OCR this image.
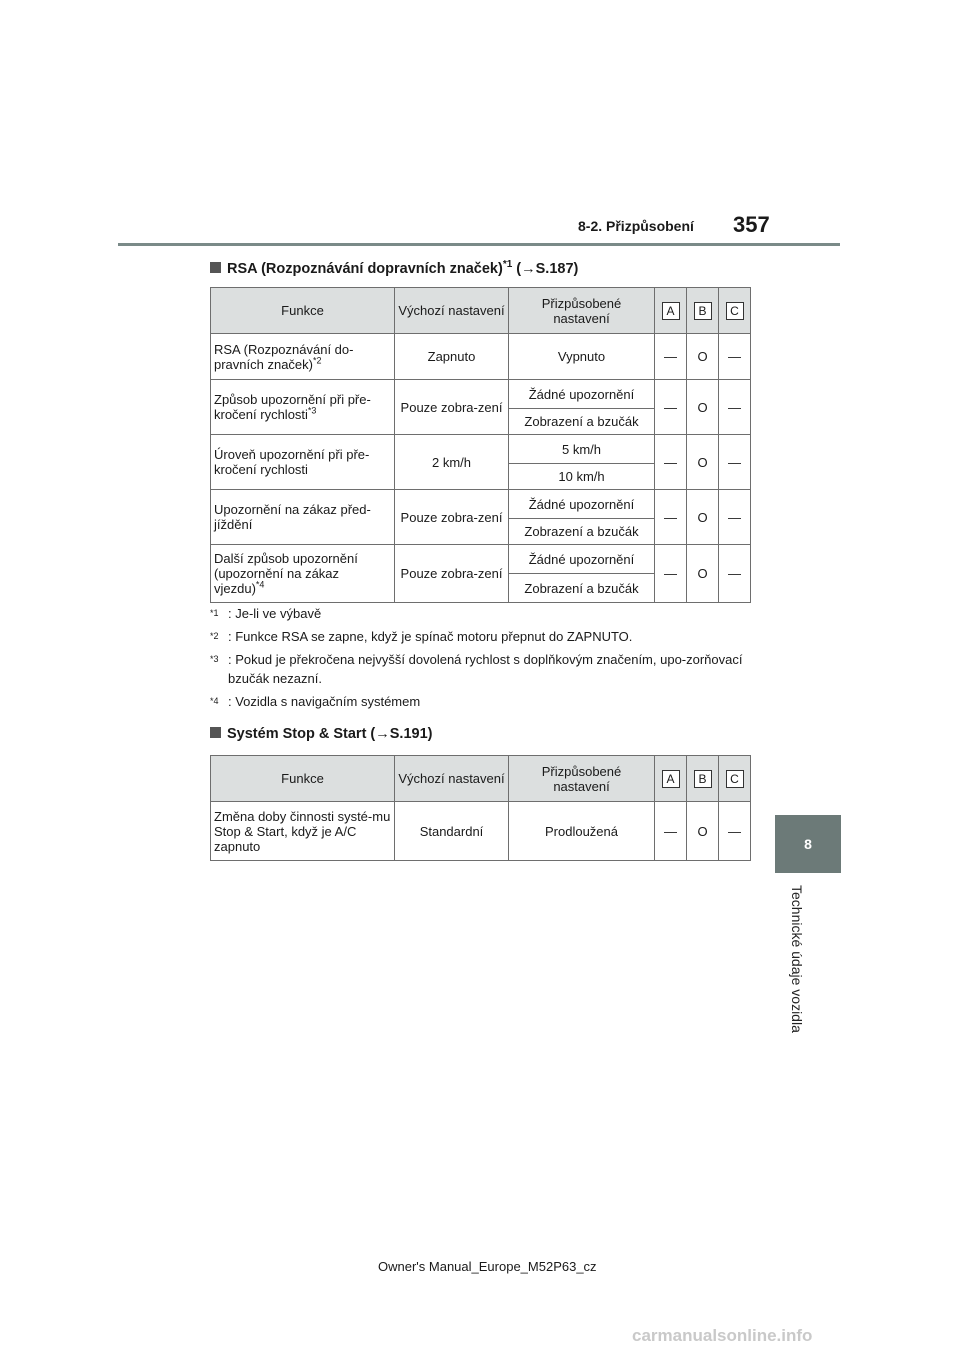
8-2. Přizpůsobení 357
8
Technické údaje vozidla
RSA (Rozpoznávání dopravních značek)$^{*1}$ (→S.187)
Funkce	Výchozí nastavení	Přizpůsobené nastavení	A	B	C
RSA (Rozpoznávání do-pravních značek)$^{*2}$	Zapnuto	Vypnuto	—	O	—
Způsob upozornění při pře-kročení rychlosti$^{*3}$	Pouze zobra-zení	Žádné upozornění	—	O	—
		Zobrazení a bzučák			
Úroveň upozornění při pře-kročení rychlosti	2 km/h	5 km/h	—	O	—
		10 km/h			
Upozornění na zákaz před-jíždění	Pouze zobra-zení	Žádné upozornění	—	O	—
		Zobrazení a bzučák			
Další způsob upozornění (upozornění na zákaz vjezdu)$^{*4}$	Pouze zobra-zení	Žádné upozornění	—	O	—
		Zobrazení a bzučák			
*1 : Je-li ve výbavě
*2 : Funkce RSA se zapne, když je spínač motoru přepnut do ZAPNUTO.
*3 : Pokud je překročena nejvyšší dovolená rychlost s doplňkovým značením, upo-zorňovací bzučák nezazní.
*4 : Vozidla s navigačním systémem
Systém Stop & Start (→S.191)
Funkce	Výchozí nastavení	Přizpůsobené nastavení	A	B	C
Změna doby činnosti systé-mu Stop & Start, když je A/C zapnuto	Standardní	Prodloužená	—	O	—
Owner's Manual_Europe_M52P63_cz
carmanualsonline.info
